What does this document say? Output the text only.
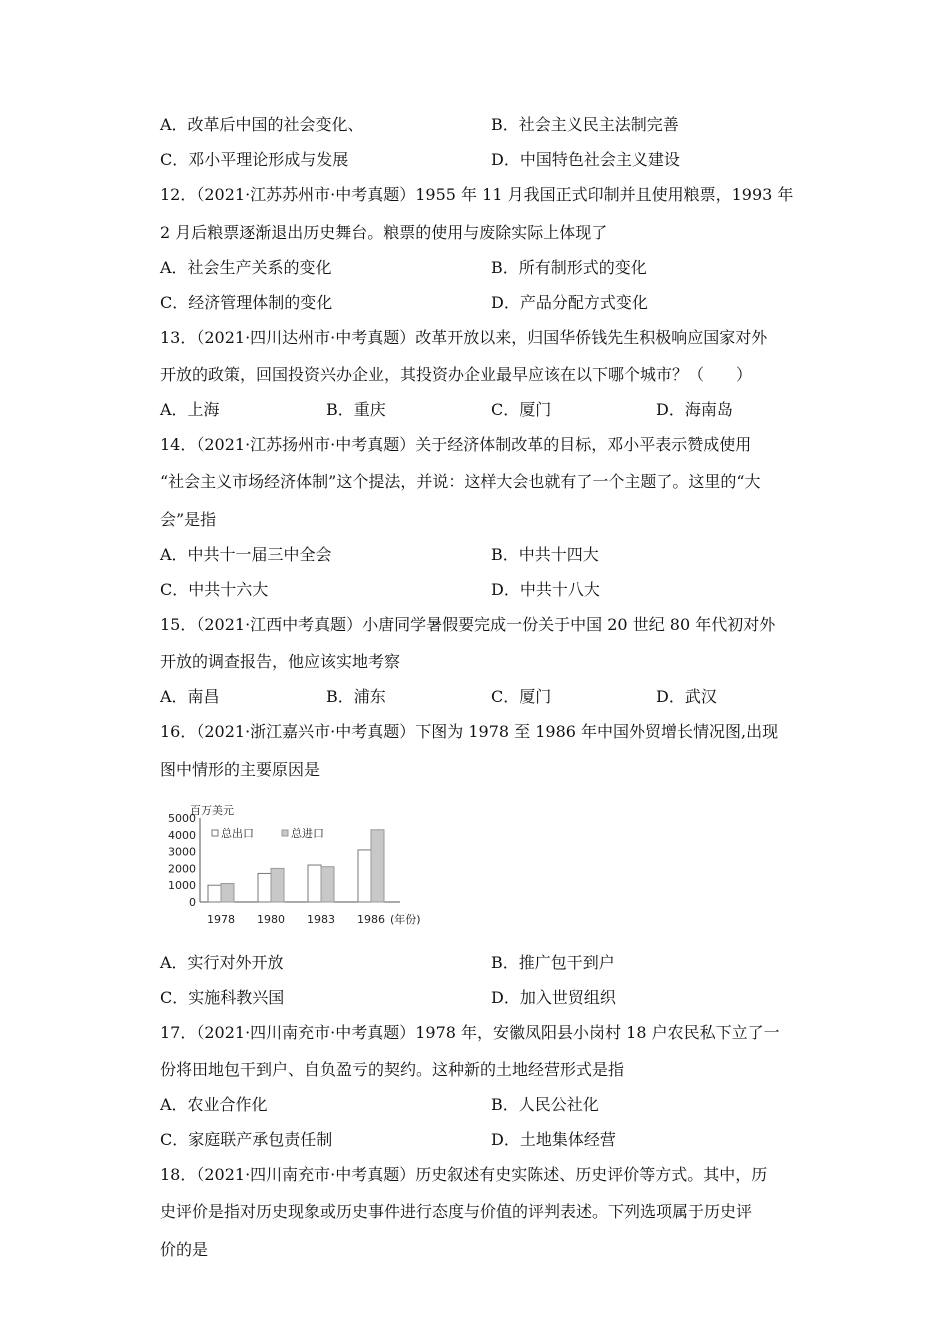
A．改革后中国的社会变化、	B．社会主义民主法制完善
C．邓小平理论形成与发展	D．中国特色社会主义建设
12．（2021·江苏苏州市·中考真题）1955 年 11 月我国正式印制并且使用粮票，1993 年
2 月后粮票逐渐退出历史舞台。粮票的使用与废除实际上体现了
A．社会生产关系的变化	B．所有制形式的变化
C．经济管理体制的变化	D．产品分配方式变化
13．（2021·四川达州市·中考真题）改革开放以来，归国华侨钱先生积极响应国家对外
开放的政策，回国投资兴办企业，其投资办企业最早应该在以下哪个城市？（　　）
A．上海	B．重庆	C．厦门	D．海南岛
14．（2021·江苏扬州市·中考真题）关于经济体制改革的目标，邓小平表示赞成使用
“社会主义市场经济体制”这个提法，并说：这样大会也就有了一个主题了。这里的“大
会”是指
A．中共十一届三中全会	B．中共十四大
C．中共十六大	D．中共十八大
15．（2021·江西中考真题）小唐同学暑假要完成一份关于中国 20 世纪 80 年代初对外
开放的调查报告，他应该实地考察
A．南昌	B．浦东	C．厦门	D．武汉
16．（2021·浙江嘉兴市·中考真题）下图为 1978 至 1986 年中国外贸增长情况图,出现
图中情形的主要原因是
百万美元
0
1000
2000
3000
4000
5000
1978 1980 1983 1986 (年份)
总出口	总进口
A．实行对外开放	B．推广包干到户
C．实施科教兴国	D．加入世贸组织
17．（2021·四川南充市·中考真题）1978 年，安徽凤阳县小岗村 18 户农民私下立了一
份将田地包干到户、自负盈亏的契约。这种新的土地经营形式是指
A．农业合作化	B．人民公社化
C．家庭联产承包责任制	D．土地集体经营
18．（2021·四川南充市·中考真题）历史叙述有史实陈述、历史评价等方式。其中，历
史评价是指对历史现象或历史事件进行态度与价值的评判表述。下列选项属于历史评
价的是
